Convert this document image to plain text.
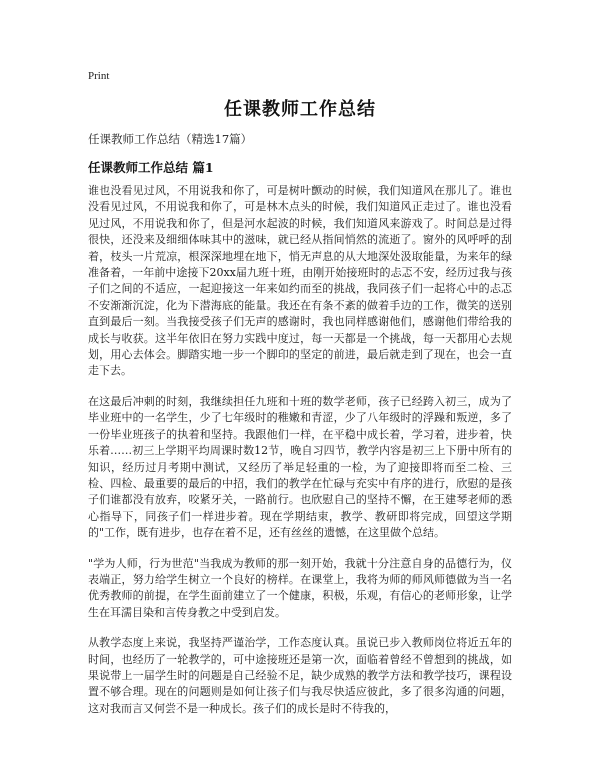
Print
任课教师工作总结
任课教师工作总结（精选17篇）
任课教师工作总结 篇1

谁也没看见过风，不用说我和你了，可是树叶颤动的时候，我们知道风在那儿了。谁也没看见过风，不用说我和你了，可是林木点头的时候，我们知道风正走过了。谁也没看见过风，不用说我和你了，但是河水起波的时候，我们知道风来游戏了。时间总是过得很快，还没来及细细体味其中的滋味，就已经从指间悄然的流逝了。窗外的风呼呼的刮着，枝头一片荒凉，根深深地埋在地下，悄无声息的从大地深处汲取能量，为来年的绿准备着，一年前中途接下20xx届九班十班，由刚开始接班时的忐忑不安，经历过我与孩子们之间的不适应，一起迎接这一年来如约而至的挑战，我同孩子们一起将心中的忐忑不安渐渐沉淀，化为下潜海底的能量。我还在有条不紊的做着手边的工作，微笑的送别直到最后一刻。当我接受孩子们无声的感谢时，我也同样感谢他们，感谢他们带给我的成长与收获。这半年依旧在努力实践中度过，每一天都是一个挑战，每一天都用心去规划，用心去体会。脚踏实地一步一个脚印的坚定的前进，最后就走到了现在，也会一直走下去。

在这最后冲刺的时刻，我继续担任九班和十班的数学老师，孩子已经跨入初三，成为了毕业班中的一名学生，少了七年级时的稚嫩和青涩，少了八年级时的浮躁和叛逆，多了一份毕业班孩子的执着和坚持。我跟他们一样，在平稳中成长着，学习着，进步着，快乐着……初三上学期平均周课时数12节，晚自习四节，教学内容是初三上下册中所有的知识，经历过月考期中测试，又经历了举足轻重的一检，为了迎接即将而至二检、三检、四检、最重要的最后的中招，我们的教学在忙碌与充实中有序的进行，欣慰的是孩子们谁都没有放弃，咬紧牙关，一路前行。也欣慰自己的坚持不懈，在王建琴老师的悉心指导下，同孩子们一样进步着。现在学期结束，教学、教研即将完成，回望这学期的"工作，既有进步，也存在着不足，还有丝丝的遗憾，在这里做个总结。

"学为人师，行为世范"当我成为教师的那一刻开始，我就十分注意自身的品德行为，仪表端正，努力给学生树立一个良好的榜样。在课堂上，我将为师的师风师德做为当一名优秀教师的前提，在学生面前建立了一个健康，积极，乐观，有信心的老师形象，让学生在耳濡目染和言传身教之中受到启发。

从教学态度上来说，我坚持严谨治学，工作态度认真。虽说已步入教师岗位将近五年的时间，也经历了一轮教学的，可中途接班还是第一次，面临着曾经不曾想到的挑战，如果说带上一届学生时的问题是自己经验不足，缺少成熟的教学方法和教学技巧，课程设置不够合理。现在的问题则是如何让孩子们与我尽快适应彼此，多了很多沟通的问题，这对我而言又何尝不是一种成长。孩子们的成长是时不待我的，
